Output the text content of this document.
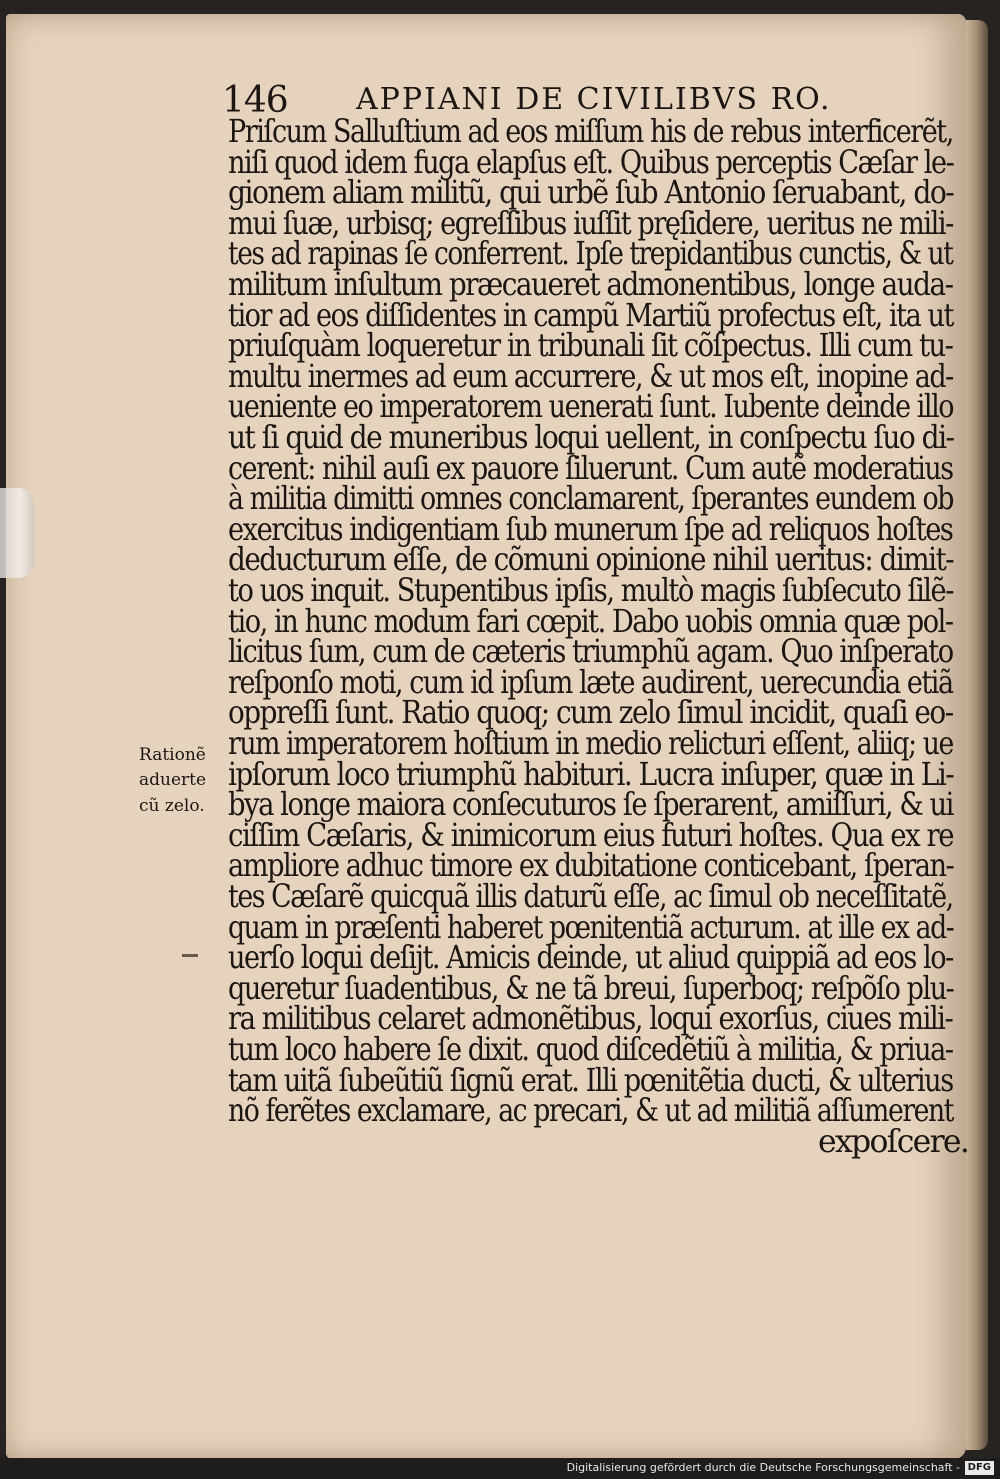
146 APPIANI DE CIVILIBVS RO.
Priſcum Salluſtium ad eos miſſum his de rebus interficerẽt,
niſi quod idem fuga elapſus eſt. Quibus perceptis Cæſar le-
gionem aliam militũ, qui urbẽ ſub Antonio ſeruabant, do-
mui ſuæ, urbisq; egreſſibus iuſſit pręſidere, ueritus ne mili-
tes ad rapinas ſe conferrent. Ipſe trepidantibus cunctis, & ut
militum inſultum præcaueret admonentibus, longe auda-
tior ad eos diſſidentes in campũ Martiũ profectus eſt, ita ut
priuſquàm loqueretur in tribunali ſit cõſpectus. Illi cum tu-
multu inermes ad eum accurrere, & ut mos eſt, inopine ad-
ueniente eo imperatorem uenerati ſunt. Iubente deinde illo
ut ſi quid de muneribus loqui uellent, in conſpectu ſuo di-
cerent: nihil auſi ex pauore ſiluerunt. Cum autẽ moderatius
à militia dimitti omnes conclamarent, ſperantes eundem ob
exercitus indigentiam ſub munerum ſpe ad reliquos hoſtes
deducturum eſſe, de cõmuni opinione nihil ueritus: dimit-
to uos inquit. Stupentibus ipſis, multò magis ſubſecuto ſilẽ-
tio, in hunc modum fari cœpit. Dabo uobis omnia quæ pol-
licitus ſum, cum de cæteris triumphũ agam. Quo inſperato
reſponſo moti, cum id ipſum læte audirent, uerecundia etiã
oppreſſi ſunt. Ratio quoq; cum zelo ſimul incidit, quaſi eo-
rum imperatorem hoſtium in medio relicturi eſſent, aliiq; ue
ipſorum loco triumphũ habituri. Lucra inſuper, quæ in Li-
bya longe maiora conſecuturos ſe ſperarent, amiſſuri, & ui
ciſſim Cæſaris, & inimicorum eius futuri hoſtes. Qua ex re
ampliore adhuc timore ex dubitatione conticebant, ſperan-
tes Cæſarẽ quicquã illis daturũ eſſe, ac ſimul ob neceſſitatẽ,
quam in præſenti haberet pœnitentiã acturum. at ille ex ad-
uerſo loqui deſijt. Amicis deinde, ut aliud quippiã ad eos lo-
queretur ſuadentibus, & ne tã breui, ſuperboq; reſpõſo plu-
ra militibus celaret admonẽtibus, loqui exorſus, ciues mili-
tum loco habere ſe dixit. quod diſcedẽtiũ à militia, & priua-
tam uitã ſubeũtiũ ſignũ erat. Illi pœnitẽtia ducti, & ulterius
nõ ferẽtes exclamare, ac precari, & ut ad militiã aſſumerent
expoſcere.
Rationẽ
aduerte
cũ zelo.
Digitalisierung gefördert durch die Deutsche Forschungsgemeinschaft - DFG
